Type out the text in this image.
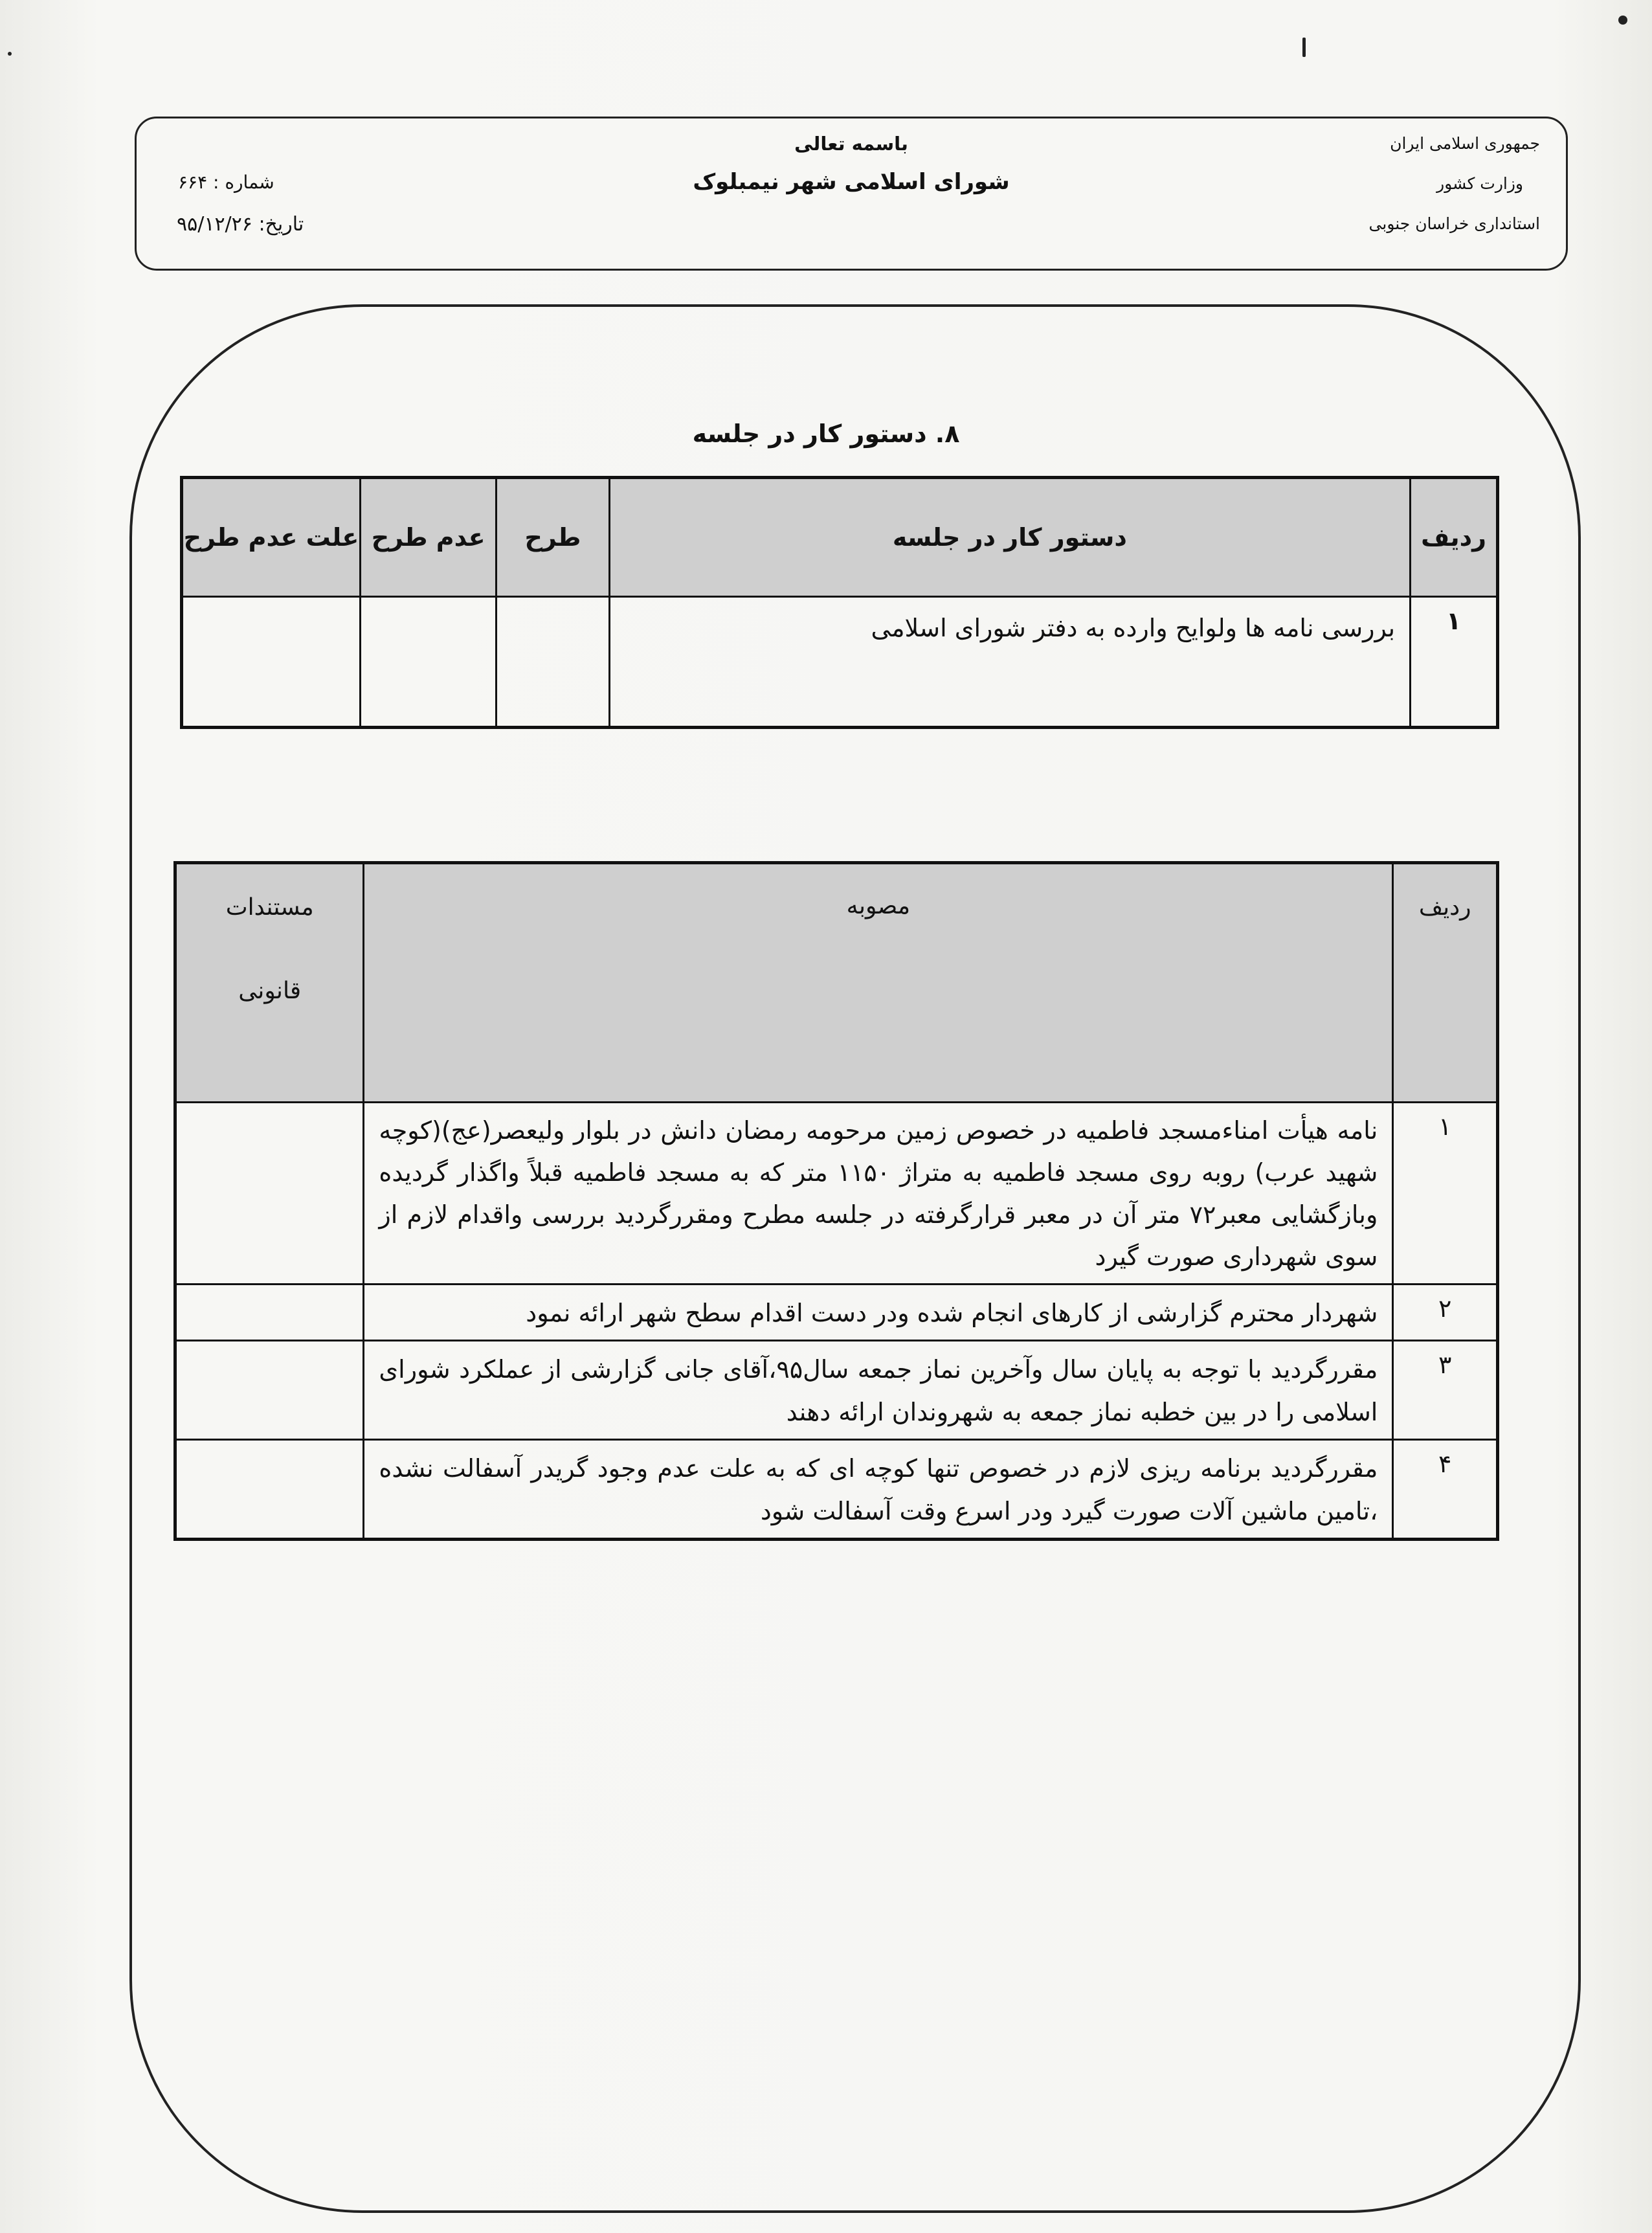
جمهوری اسلامی ایران
وزارت کشور
استانداری خراسان جنوبی
باسمه تعالی
شورای اسلامی شهر نیمبلوک
شماره : ۶۶۴
تاریخ: ۹۵/۱۲/۲۶
۸. دستور کار در جلسه
ردیف	دستور کار در جلسه	طرح	عدم طرح	علت عدم طرح
۱	بررسی نامه ها ولوایح وارده به دفتر شورای اسلامی			
ردیف	مصوبه	مستندات
قانونی

۱	نامه هیأت امناءمسجد فاطمیه در خصوص زمین مرحومه رمضان دانش در بلوار ولیعصر(عج)(کوچه شهید عرب) روبه روی مسجد فاطمیه به متراژ ۱۱۵۰ متر که به مسجد فاطمیه قبلاً واگذار گردیده وبازگشایی معبر۷۲ متر آن در معبر قرارگرفته در جلسه مطرح ومقررگردید بررسی واقدام لازم از سوی شهرداری صورت گیرد	
۲	شهردار محترم گزارشی از کارهای انجام شده ودر دست اقدام سطح شهر ارائه نمود	
۳	مقررگردید با توجه به پایان سال وآخرین نماز جمعه سال۹۵،آقای جانی گزارشی از عملکرد شورای اسلامی را در بین خطبه نماز جمعه به شهروندان ارائه دهند	
۴	مقررگردید برنامه ریزی لازم در خصوص تنها کوچه ای که به علت عدم وجود گریدر آسفالت نشده ،تامین ماشین آلات صورت گیرد ودر اسرع وقت آسفالت شود	
